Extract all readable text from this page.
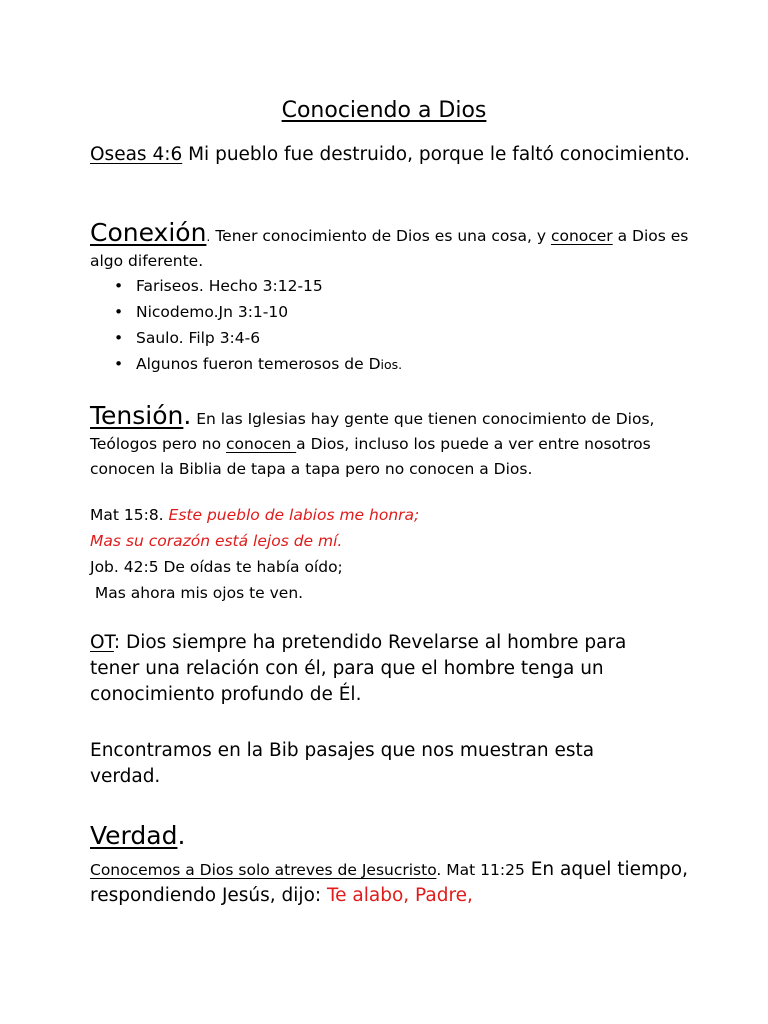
Conociendo a Dios
Oseas 4:6 Mi pueblo fue destruido, porque le faltó conocimiento.
Conexión. Tener conocimiento de Dios es una cosa, y conocer a Dios es algo diferente.
• Fariseos. Hecho 3:12-15
• Nicodemo.Jn 3:1-10
• Saulo. Filp 3:4-6
• Algunos fueron temerosos de Dios.
Tensión. En las Iglesias hay gente que tienen conocimiento de Dios, Teólogos pero no conocen a Dios, incluso los puede a ver entre nosotros conocen la Biblia de tapa a tapa pero no conocen a Dios.
Mat 15:8. Este pueblo de labios me honra;
Mas su corazón está lejos de mí.
Job. 42:5 De oídas te había oído;
Mas ahora mis ojos te ven.
OT: Dios siempre ha pretendido Revelarse al hombre para tener una relación con él, para que el hombre tenga un conocimiento profundo de Él.
Encontramos en la Bib pasajes que nos muestran esta verdad.
Verdad.
Conocemos a Dios solo atreves de Jesucristo. Mat 11:25 En aquel tiempo, respondiendo Jesús, dijo: Te alabo, Padre,
